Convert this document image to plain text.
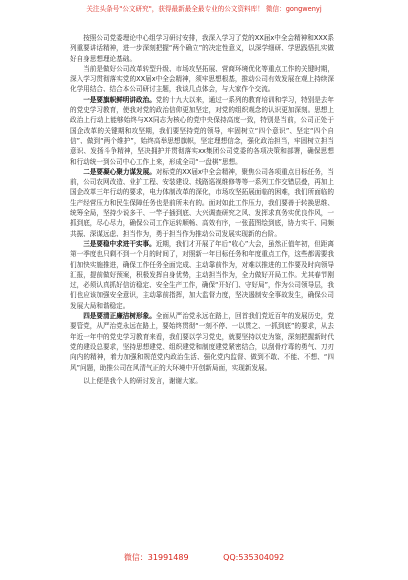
关注头条号"公文研究"，获得最新最全最专业的公文资料库！ 微信：gongwenyj

按照公司党委理论中心组学习研讨安排，我深入学习了党的XX届x中全会精神和XXX系列重要讲话精神，进一步深刻把握“两个确立”的决定性意义，以深学细研、学思践悟扎实做好自身思想理论基础。

当前是做好公司改革转型升级、市场攻坚拓展、营商环境优化等重点工作的关键时期，深入学习贯彻落实党的XX届x中全会精神，须牢思想根基，推动公司有效发展在观上持续深化学用结合、结合本公司研讨主题，我谈几点体会，与大家作个交流。

一是要旗帜鲜明讲政治。党的十九大以来，通过一系列的教育培训和学习，特别是去年的党史学习教育，使我对党的政治信仰更加坚定，对党的组织观念的认识更加深刻。思想上政治上行动上能够始终与XX同志为核心的党中央保持高度一致，特别是当前，公司正处于国企改革的关键期和攻坚期，我们要坚持党的领导，牢固树立“四个意识”、坚定“四个自信”、做到“两个维护”，始终高举思想旗帜，坚定理想信念，强化政治担当，牢固树立担当意识、发扬斗争精神，坚决拥护并贯彻落实xx集团公司党委的各项决策和部署，确保思想和行动统一到公司中心工作上来，形成全司“一盘棋”思想。

二是要凝心聚力谋发展。对标党的XX届x中全会精神，聚焦公司各项重点目标任务，当前，公司农网改造、业扩工程、安装建设、线路巡视维修等等一系列工作交错层叠，再加上国企改革三年行动的要求，电力体制改革的深化，市场攻坚拓展面临的困难，我们所面临的生产经营压力和民生保障任务也是前所未有的。面对如此工作压力，我们要善于转换思维、统筹全局，坚持少说多干、一竿子插到底、大兴调查研究之风、发挥求真务实优良作风，一抓到底，尽心尽力，确保公司工作运转顺畅、高效有序，一张蓝图绘到底，协力实干、同频共振、深谋远虑、担当作为，勇于担当作为推动公司发展实现新的台阶。

三是要稳中求进干实事。近期，我们才开展了年后“收心”大会，虽然正值年初，但距离第一季度也只剩不到一个月的时间了，对照新一年目标任务和年度重点工作，这些都需要我们加快实施推进，确保工作任务全面完成、主动靠前作为，对难以推进的工作要及时向领导汇报，提前做好预案，积极发挥自身优势，主动担当作为，全力做好开局工作。尤其春节刚过，必须认真抓好信访稳定、安全生产工作，确保“开好门、守好局”，作为公司领导层，我们也应该加强安全意识，主动靠前指挥，加大监督力度，坚决遏制安全事故发生，确保公司发展大局和谐稳定。

四是要清正廉洁树形象。全面从严治党永远在路上，回首我们党近百年的发展历史，党要管党，从严治党永远在路上，要始终贯彻“一刻不停、一以贯之、一抓到底”的要求，从去年近一年中的党史学习教育来看，我们要以学习党史，就要坚持以史为鉴，深刻把握新时代党的建设总要求，坚持思想建党、组织建党和制度建党紧密结合，以刮骨疗毒的勇气、刀刃向内的精神，着力加强和规范党内政治生活、强化党内监督、做到不敢、不能、不想、“四风”问题，助推公司在风清气正的大环境中开创新局面，实现新发展。

以上便是我个人的研讨发言，谢谢大家。

微信：31991489	QQ:535304092
